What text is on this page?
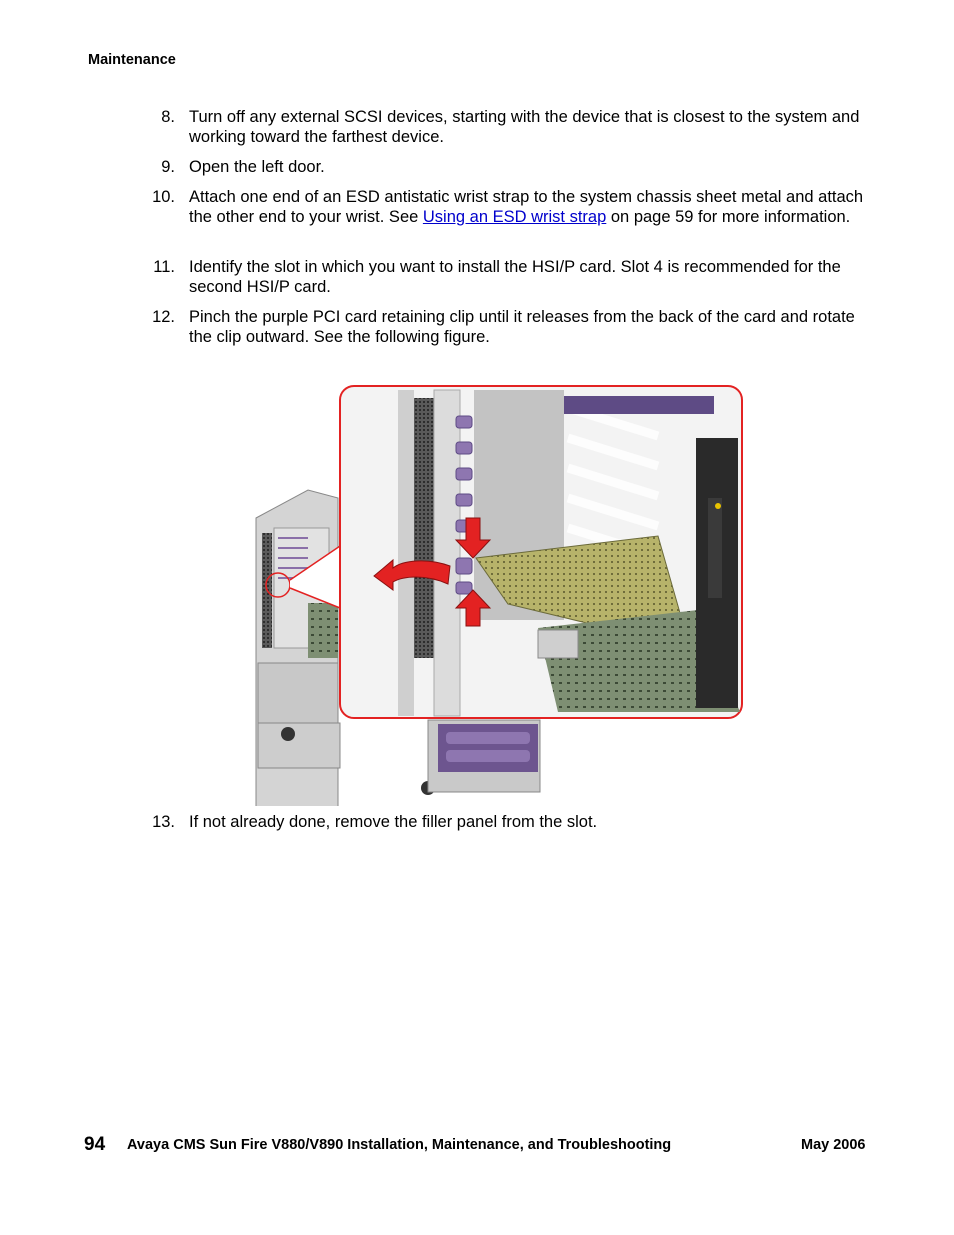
Maintenance
8. Turn off any external SCSI devices, starting with the device that is closest to the system and working toward the farthest device.
9. Open the left door.
10. Attach one end of an ESD antistatic wrist strap to the system chassis sheet metal and attach the other end to your wrist. See Using an ESD wrist strap on page 59 for more information.
11. Identify the slot in which you want to install the HSI/P card. Slot 4 is recommended for the second HSI/P card.
12. Pinch the purple PCI card retaining clip until it releases from the back of the card and rotate the clip outward. See the following figure.
13. If not already done, remove the filler panel from the slot.
94 Avaya CMS Sun Fire V880/V890 Installation, Maintenance, and Troubleshooting	May 2006
